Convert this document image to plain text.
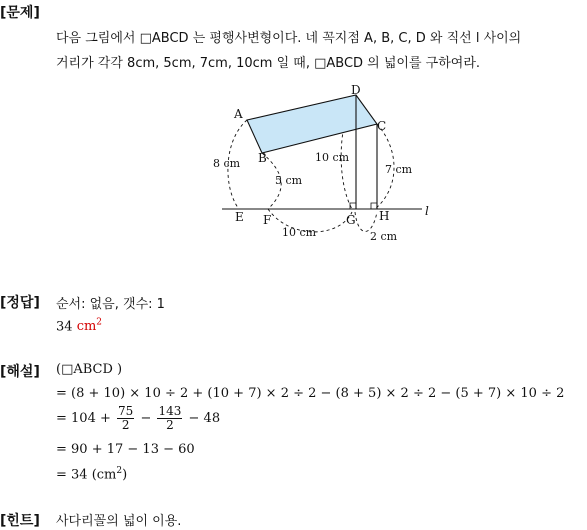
[문제]
다음 그림에서 □ABCD 는 평행사변형이다. 네 꼭지점 A, B, C, D 와 직선 l 사이의
거리가 각각 8cm, 5cm, 7cm, 10cm 일 때, □ABCD 의 넓이를 구하여라.
A
B
C
D
E F	G H	l
8 cm
5 cm
10 cm
7 cm
10 cm	2 cm
[정답] 순서: 없음, 갯수: 1
34 $cm^2$
[해설] (□ABCD )
= (8 + 10) × 10 ÷ 2 + (10 + 7) × 2 ÷ 2 − (8 + 5) × 2 ÷ 2 − (5 + 7) × 10 ÷ 2
= $104 + \frac{75}{2} - \frac{143}{2} - 48$
= 90 + 17 − 13 − 60
= 34 $(cm^2)$
[힌트] 사다리꼴의 넓이 이용.
